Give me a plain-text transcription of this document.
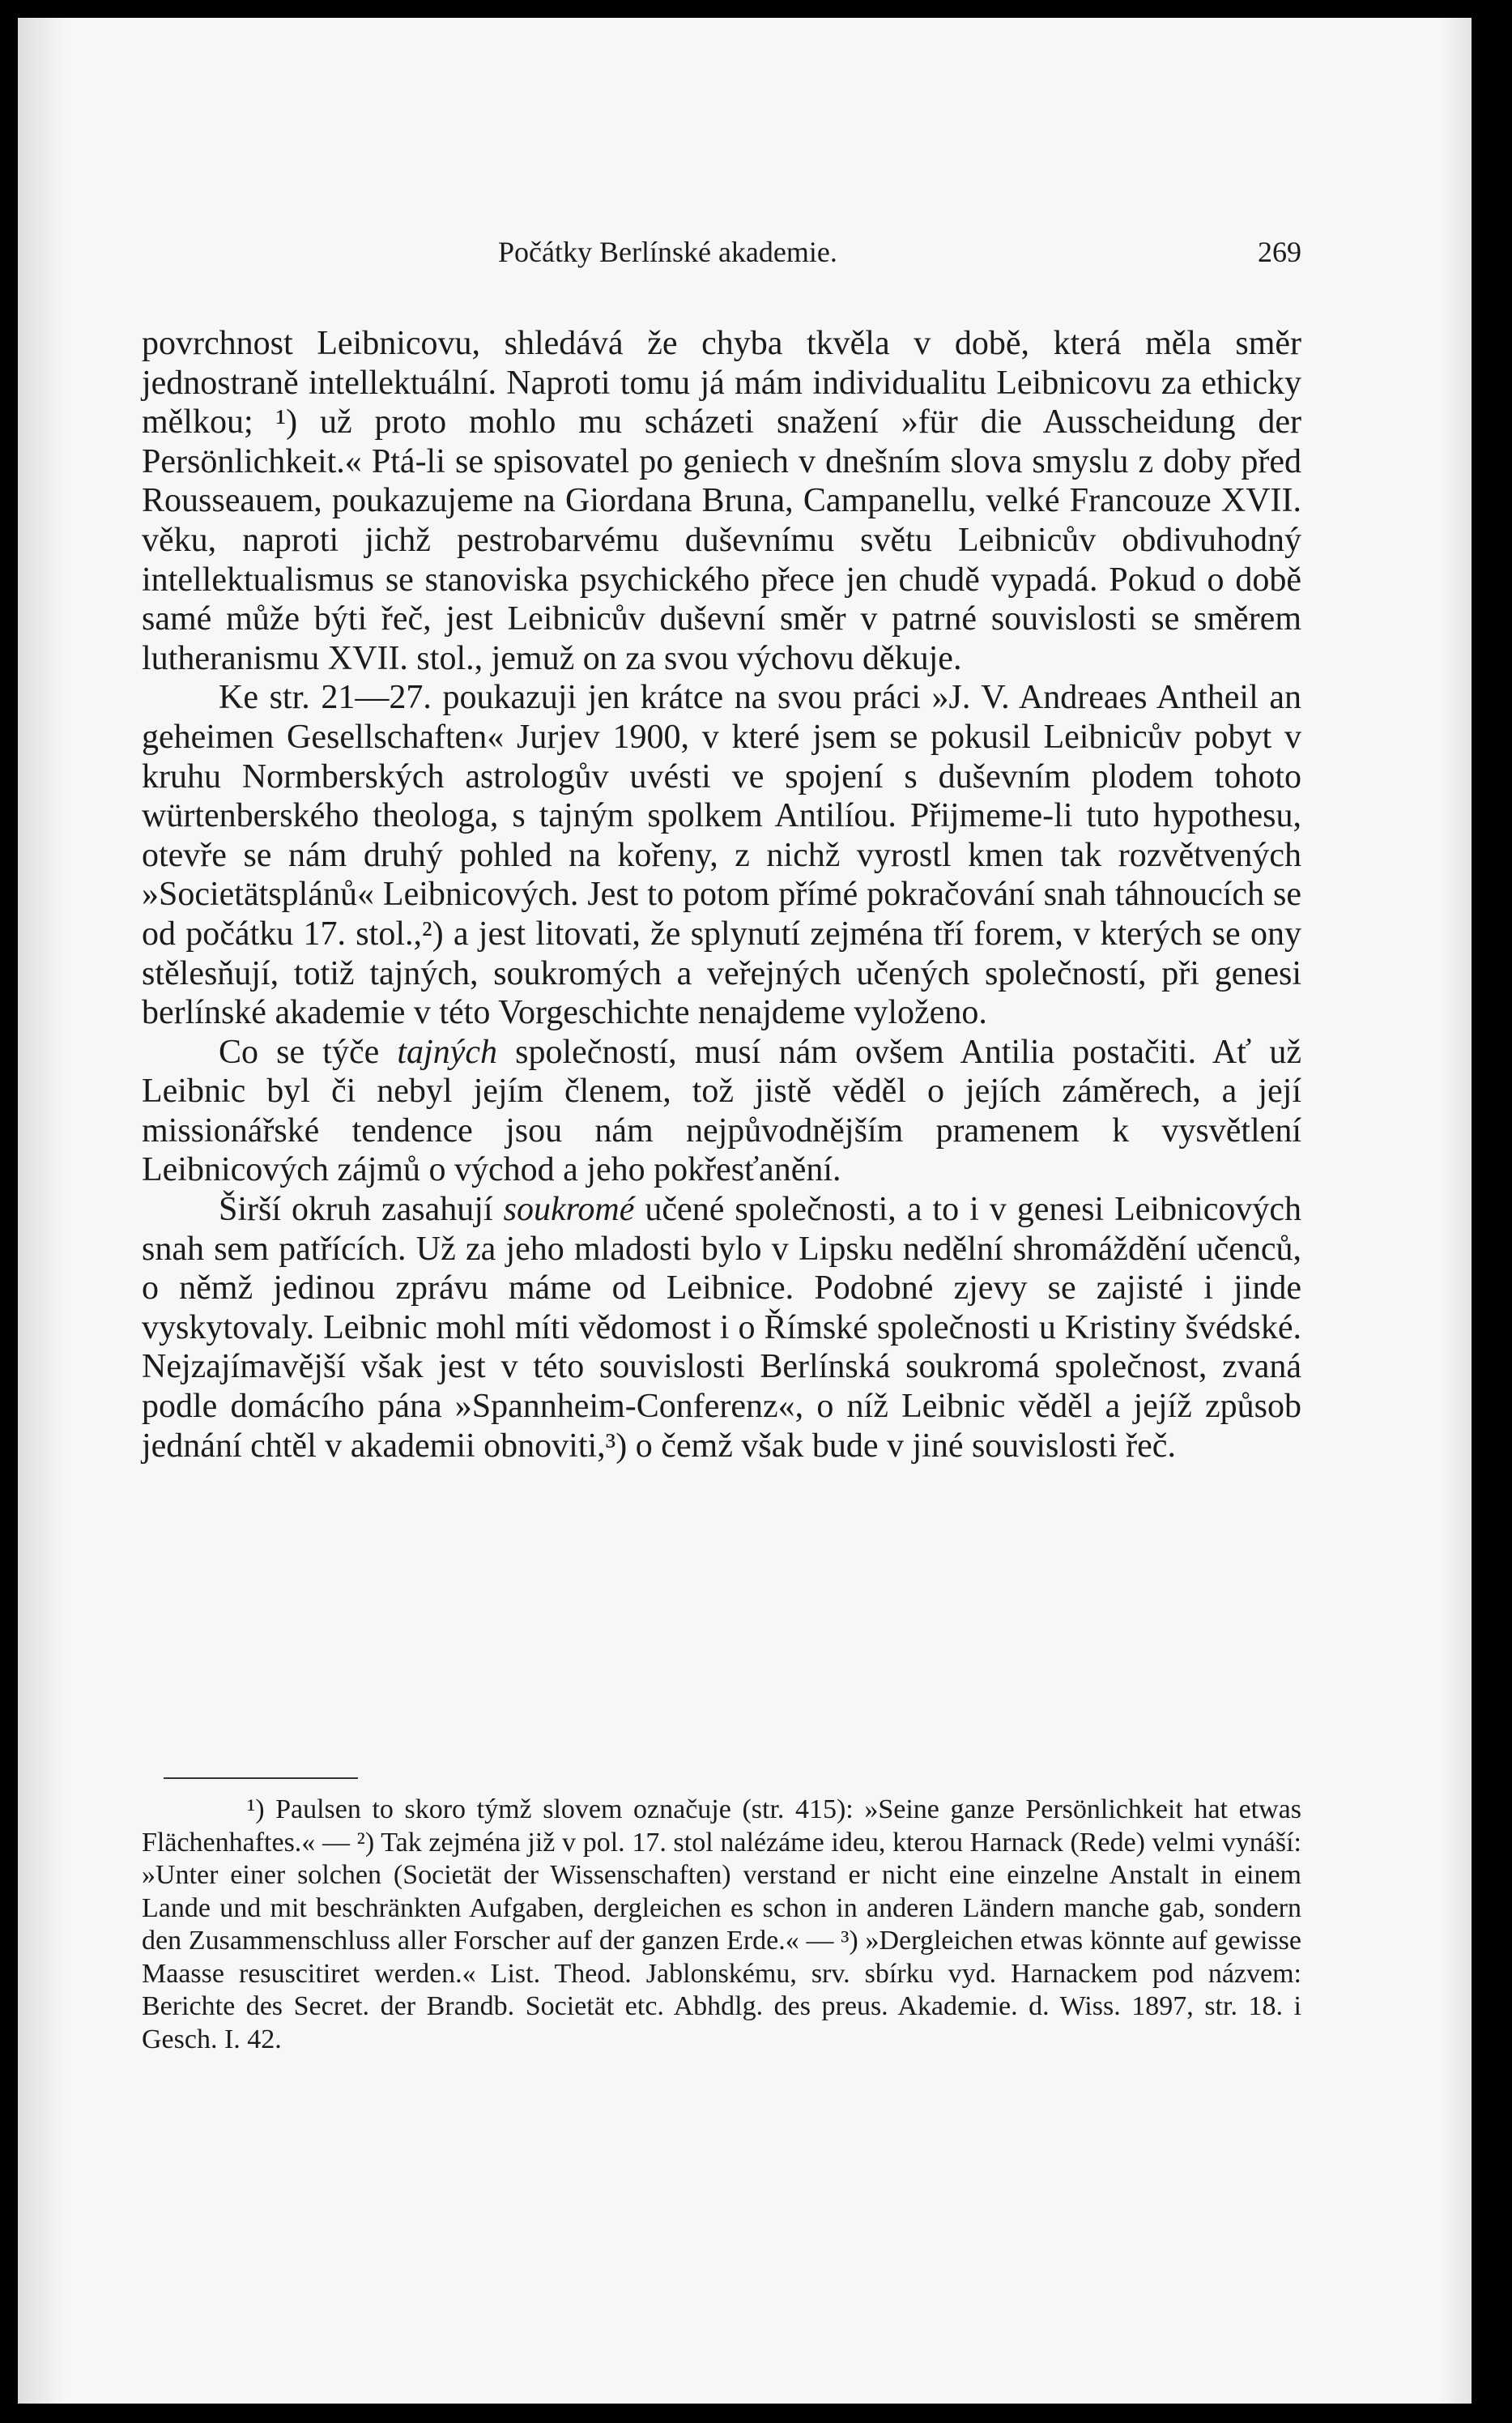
Počátky Berlínské akademie.	269

povrchnost Leibnicovu, shledává že chyba tkvěla v době, která měla směr jednostraně intellektuální. Naproti tomu já mám individualitu Leibnicovu za ethicky mělkou; ¹) už proto mohlo mu scházeti snažení »für die Ausscheidung der Persönlichkeit.« Ptá-li se spisovatel po geniech v dnešním slova smyslu z doby před Rousseauem, poukazujeme na Giordana Bruna, Campanellu, velké Francouze XVII. věku, naproti jichž pestrobarvému duševnímu světu Leibnicův obdivuhodný intellektualismus se stanoviska psychického přece jen chudě vypadá. Pokud o době samé může býti řeč, jest Leibnicův duševní směr v patrné souvislosti se směrem lutheranismu XVII. stol., jemuž on za svou výchovu děkuje.

Ke str. 21—27. poukazuji jen krátce na svou práci »J. V. Andreaes Antheil an geheimen Gesellschaften« Jurjev 1900, v které jsem se pokusil Leibnicův pobyt v kruhu Normberských astrologův uvésti ve spojení s duševním plodem tohoto würtenberského theologa, s tajným spolkem Antilíou. Přijmeme-li tuto hypothesu, otevře se nám druhý pohled na kořeny, z nichž vyrostl kmen tak rozvětvených »Societätsplánů« Leibnicových. Jest to potom přímé pokračování snah táhnoucích se od počátku 17. stol.,²) a jest litovati, že splynutí zejména tří forem, v kterých se ony stělesňují, totiž tajných, soukromých a veřejných učených společností, při genesi berlínské akademie v této Vorgeschichte nenajdeme vyloženo.

Co se týče tajných společností, musí nám ovšem Antilia postačiti. Ať už Leibnic byl či nebyl jejím členem, tož jistě věděl o jejích záměrech, a její missionářské tendence jsou nám nejpůvodnějším pramenem k vysvětlení Leibnicových zájmů o východ a jeho pokřesťanění.

Širší okruh zasahují soukromé učené společnosti, a to i v genesi Leibnicových snah sem patřících. Už za jeho mladosti bylo v Lipsku nedělní shromáždění učenců, o němž jedinou zprávu máme od Leibnice. Podobné zjevy se zajisté i jinde vyskytovaly. Leibnic mohl míti vědomost i o Římské společnosti u Kristiny švédské. Nejzajímavější však jest v této souvislosti Berlínská soukromá společnost, zvaná podle domácího pána »Spannheim-Conferenz«, o níž Leibnic věděl a jejíž způsob jednání chtěl v akademii obnoviti,³) o čemž však bude v jiné souvislosti řeč.

¹) Paulsen to skoro týmž slovem označuje (str. 415): »Seine ganze Persönlichkeit hat etwas Flächenhaftes.« — ²) Tak zejména již v pol. 17. stol nalézáme ideu, kterou Harnack (Rede) velmi vynáší: »Unter einer solchen (Societät der Wissenschaften) verstand er nicht eine einzelne Anstalt in einem Lande und mit beschränkten Aufgaben, dergleichen es schon in anderen Ländern manche gab, sondern den Zusammenschluss aller Forscher auf der ganzen Erde.« — ³) »Dergleichen etwas könnte auf gewisse Maasse resuscitiret werden.« List. Theod. Jablonskému, srv. sbírku vyd. Harnackem pod názvem: Berichte des Secret. der Brandb. Societät etc. Abhdlg. des preus. Akademie. d. Wiss. 1897, str. 18. i Gesch. I. 42.
